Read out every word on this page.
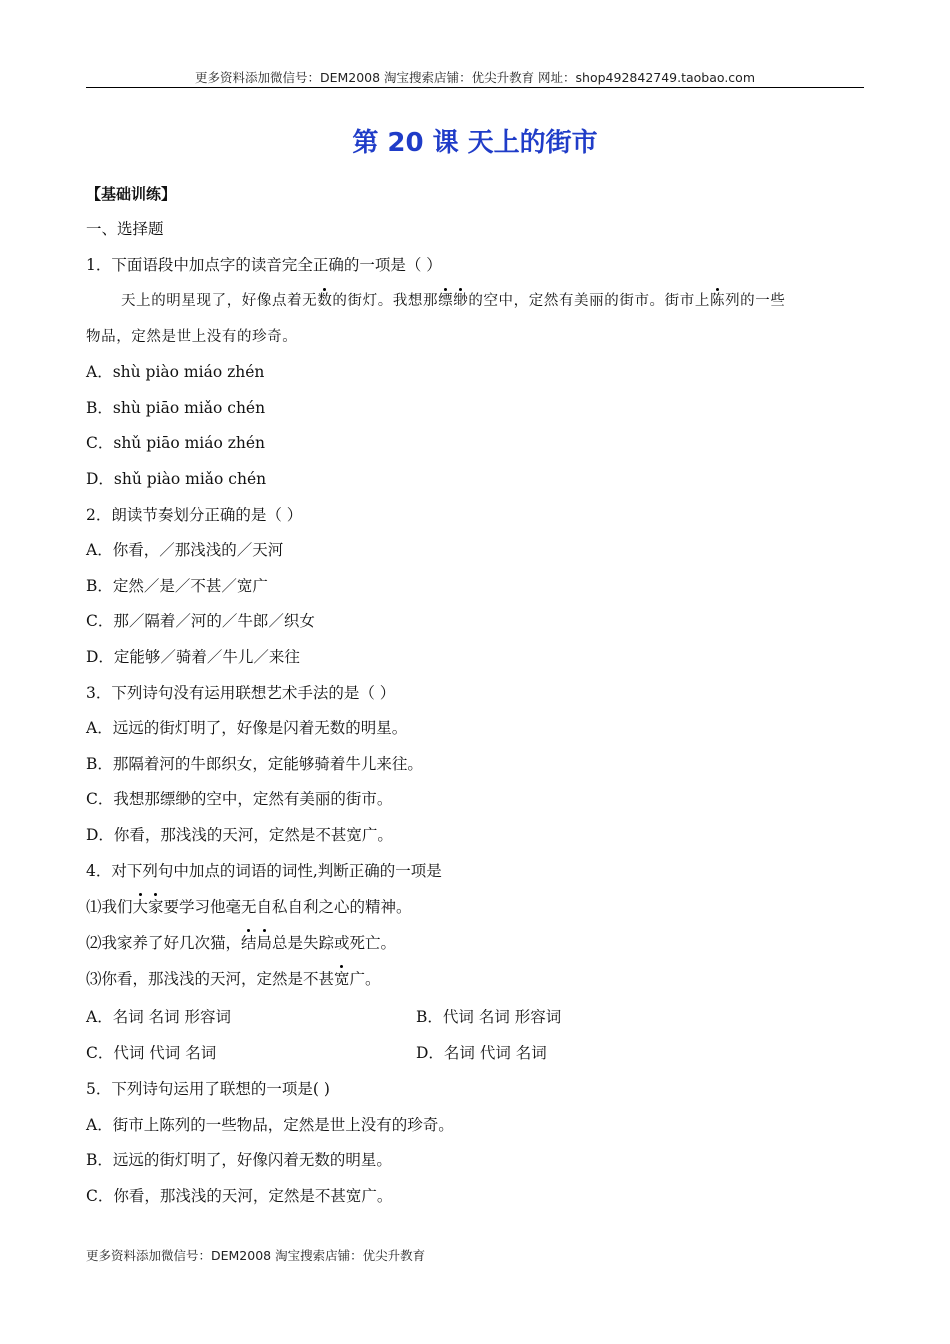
更多资料添加微信号：DEM2008 淘宝搜索店铺：优尖升教育 网址：shop492842749.taobao.com
第 20 课 天上的街市
【基础训练】
一、选择题
1．下面语段中加点字的读音完全正确的一项是（ ）
天上的明星现了，好像点着无数的街灯。我想那缥缈的空中，定然有美丽的街市。街市上陈列的一些
物品，定然是世上没有的珍奇。
A．shù piào miáo zhén
B．shù piāo miǎo chén
C．shǔ piāo miáo zhén
D．shǔ piào miǎo chén
2．朗读节奏划分正确的是（ ）
A．你看，／那浅浅的／天河
B．定然／是／不甚／宽广
C．那／隔着／河的／牛郎／织女
D．定能够／骑着／牛儿／来往
3．下列诗句没有运用联想艺术手法的是（ ）
A．远远的街灯明了，好像是闪着无数的明星。
B．那隔着河的牛郎织女，定能够骑着牛儿来往。
C．我想那缥缈的空中，定然有美丽的街市。
D．你看，那浅浅的天河，定然是不甚宽广。
4．对下列句中加点的词语的词性,判断正确的一项是
⑴我们大家要学习他毫无自私自利之心的精神。
⑵我家养了好几次猫，结局总是失踪或死亡。
⑶你看，那浅浅的天河，定然是不甚宽广。
A．名词 名词 形容词	B．代词 名词 形容词
C．代词 代词 名词	D．名词 代词 名词
5．下列诗句运用了联想的一项是( )
A．街市上陈列的一些物品，定然是世上没有的珍奇。
B．远远的街灯明了，好像闪着无数的明星。
C．你看，那浅浅的天河，定然是不甚宽广。
更多资料添加微信号：DEM2008 淘宝搜索店铺：优尖升教育
